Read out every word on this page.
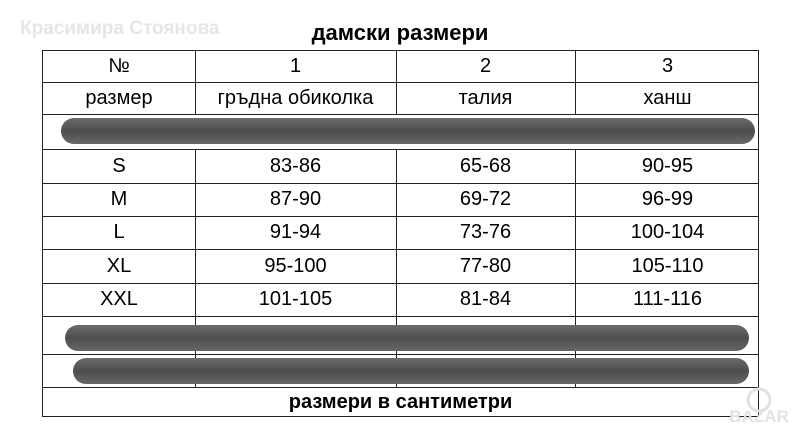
Красимира Стоянова	дамски размери
№	1	2	3
размер	гръдна обиколка	талия	ханш
S	83-86	65-68	90-95
M	87-90	69-72	96-99
L	91-94	73-76	100-104
XL	95-100	77-80	105-110
XXL	101-105	81-84	111-116
размери в сантиметри
BAZAR
